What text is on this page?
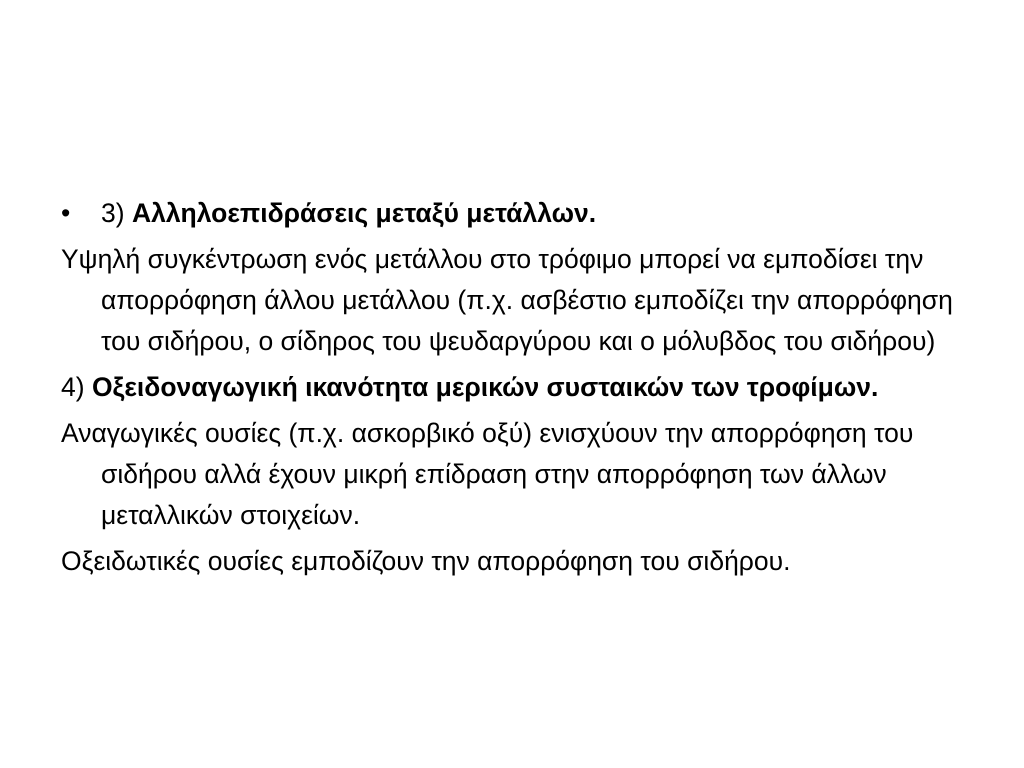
• 3) Αλληλοεπιδράσεις μεταξύ μετάλλων.

Υψηλή συγκέντρωση ενός μετάλλου στο τρόφιμο μπορεί να εμποδίσει την απορρόφηση άλλου μετάλλου (π.χ. ασβέστιο εμποδίζει την απορρόφηση του σιδήρου, ο σίδηρος του ψευδαργύρου και ο μόλυβδος του σιδήρου)

4) Οξειδοναγωγική ικανότητα μερικών συσταικών των τροφίμων.

Αναγωγικές ουσίες (π.χ. ασκορβικό οξύ) ενισχύουν την απορρόφηση του σιδήρου αλλά έχουν μικρή επίδραση στην απορρόφηση των άλλων μεταλλικών στοιχείων.

Οξειδωτικές ουσίες εμποδίζουν την απορρόφηση του σιδήρου.
